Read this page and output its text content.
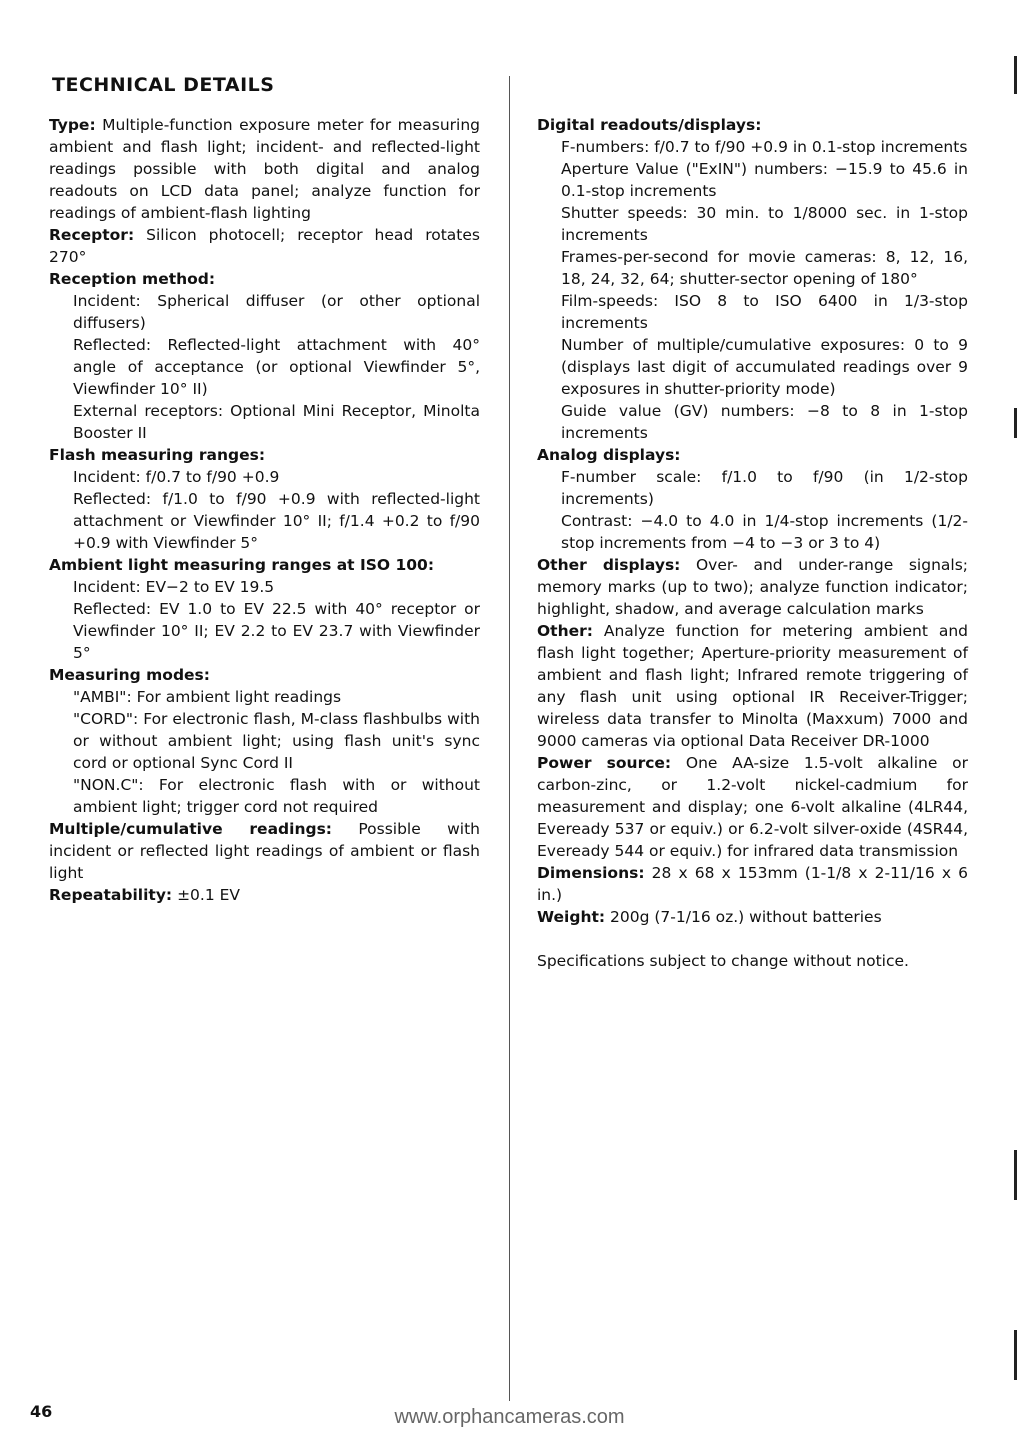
TECHNICAL DETAILS

Type: Multiple-function exposure meter for measuring ambient and flash light; incident- and reflected-light readings possible with both digital and analog readouts on LCD data panel; analyze function for readings of ambient-flash lighting

Receptor: Silicon photocell; receptor head rotates 270°

Reception method:

Incident: Spherical diffuser (or other optional diffusers)

Reflected: Reflected-light attachment with 40° angle of acceptance (or optional Viewfinder 5°, Viewfinder 10° II)

External receptors: Optional Mini Receptor, Minolta Booster II

Flash measuring ranges:

Incident: f/0.7 to f/90 +0.9

Reflected: f/1.0 to f/90 +0.9 with reflected-light attachment or Viewfinder 10° II; f/1.4 +0.2 to f/90 +0.9 with Viewfinder 5°

Ambient light measuring ranges at ISO 100:

Incident: EV−2 to EV 19.5

Reflected: EV 1.0 to EV 22.5 with 40° receptor or Viewfinder 10° II; EV 2.2 to EV 23.7 with Viewfinder 5°

Measuring modes:

"AMBI": For ambient light readings

"CORD": For electronic flash, M-class flashbulbs with or without ambient light; using flash unit's sync cord or optional Sync Cord II

"NON.C": For electronic flash with or without ambient light; trigger cord not required

Multiple/cumulative readings: Possible with incident or reflected light readings of ambient or flash light

Repeatability: ±0.1 EV

Digital readouts/displays:

F-numbers: f/0.7 to f/90 +0.9 in 0.1-stop increments

Aperture Value ("ExIN") numbers: −15.9 to 45.6 in 0.1-stop increments

Shutter speeds: 30 min. to 1/8000 sec. in 1-stop increments

Frames-per-second for movie cameras: 8, 12, 16, 18, 24, 32, 64; shutter-sector opening of 180°

Film-speeds: ISO 8 to ISO 6400 in 1/3-stop increments

Number of multiple/cumulative exposures: 0 to 9 (displays last digit of accumulated readings over 9 exposures in shutter-priority mode)

Guide value (GV) numbers: −8 to 8 in 1-stop increments

Analog displays:

F-number scale: f/1.0 to f/90 (in 1/2-stop increments)

Contrast: −4.0 to 4.0 in 1/4-stop increments (1/2-stop increments from −4 to −3 or 3 to 4)

Other displays: Over- and under-range signals; memory marks (up to two); analyze function indicator; highlight, shadow, and average calculation marks

Other: Analyze function for metering ambient and flash light together; Aperture-priority measurement of ambient and flash light; Infrared remote triggering of any flash unit using optional IR Receiver-Trigger; wireless data transfer to Minolta (Maxxum) 7000 and 9000 cameras via optional Data Receiver DR-1000

Power source: One AA-size 1.5-volt alkaline or carbon-zinc, or 1.2-volt nickel-cadmium for measurement and display; one 6-volt alkaline (4LR44, Eveready 537 or equiv.) or 6.2-volt silver-oxide (4SR44, Eveready 544 or equiv.) for infrared data transmission

Dimensions: 28 x 68 x 153mm (1-1/8 x 2-11/16 x 6 in.)

Weight: 200g (7-1/16 oz.) without batteries

Specifications subject to change without notice.

46	www.orphancameras.com
